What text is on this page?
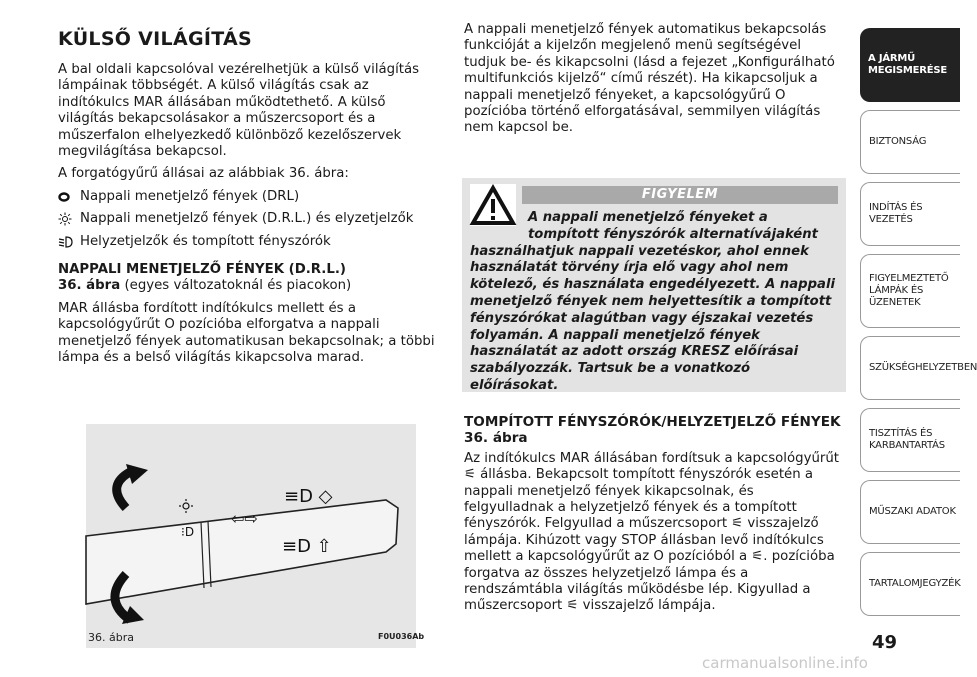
KÜLSŐ VILÁGÍTÁS

A bal oldali kapcsolóval vezérelhetjük a külső világítás lámpáinak többségét. A külső világítás csak az indítókulcs MAR állásában működtethető. A külső világítás bekapcsolásakor a műszercsoport és a műszerfalon elhelyezkedő különböző kezelőszervek megvilágítása bekapcsol.

A forgatógyűrű állásai az alábbiak 36. ábra:

Nappali menetjelző fények (DRL)
Nappali menetjelző fények (D.R.L.) és elyzetjelzők
Helyzetjelzők és tompított fényszórók
NAPPALI MENETJELZŐ FÉNYEK (D.R.L.)

36. ábra (egyes változatoknál és piacokon)

MAR állásba fordított indítókulcs mellett és a kapcsológyűrűt O pozícióba elforgatva a nappali menetjelző fények automatikusan bekapcsolnak; a többi lámpa és a belső világítás kikapcsolva marad.

⁝D
⇦⇨
≡D ◇
≡D ⇧
36. ábra	F0U036Ab

A nappali menetjelző fények automatikus bekapcsolás funkcióját a kijelzőn megjelenő menü segítségével tudjuk be- és kikapcsolni (lásd a fejezet „Konfigurálható multifunkciós kijelző“ című részét). Ha kikapcsoljuk a nappali menetjelző fényeket, a kapcsológyűrű O pozícióba történő elforgatásával, semmilyen világítás nem kapcsol be.

FIGYELEM
A nappali menetjelző fényeket a tompított fényszórók alternatívájaként
használhatjuk nappali vezetéskor, ahol ennek használatát törvény írja elő vagy ahol nem kötelező, és használata engedélyezett. A nappali menetjelző fények nem helyettesítik a tompított fényszórókat alagútban vagy éjszakai vezetés folyamán. A nappali menetjelző fények használatát az adott ország KRESZ előírásai szabályozzák. Tartsuk be a vonatkozó előírásokat.
TOMPÍTOTT FÉNYSZÓRÓK/HELYZETJELZŐ FÉNYEK 36. ábra

Az indítókulcs MAR állásában fordítsuk a kapcsológyűrűt ⚟ állásba. Bekapcsolt tompított fényszórók esetén a nappali menetjelző fények kikapcsolnak, és felgyulladnak a helyzetjelző fények és a tompított fényszórók. Felgyullad a műszercsoport ⚟ visszajelző lámpája. Kihúzott vagy STOP állásban levő indítókulcs mellett a kapcsológyűrűt az O pozícióból a ⚟. pozícióba forgatva az összes helyzetjelző lámpa és a rendszámtábla világítás működésbe lép. Kigyullad a műszercsoport ⚟ visszajelző lámpája.

A JÁRMŰ MEGISMERÉSE
BIZTONSÁG
INDÍTÁS ÉS VEZETÉS
FIGYELMEZTETŐ LÁMPÁK ÉS ÜZENETEK
SZÜKSÉGHELYZETBEN
TISZTÍTÁS ÉS KARBANTARTÁS
MŰSZAKI ADATOK
TARTALOMJEGYZÉK
49
carmanualsonline.info
